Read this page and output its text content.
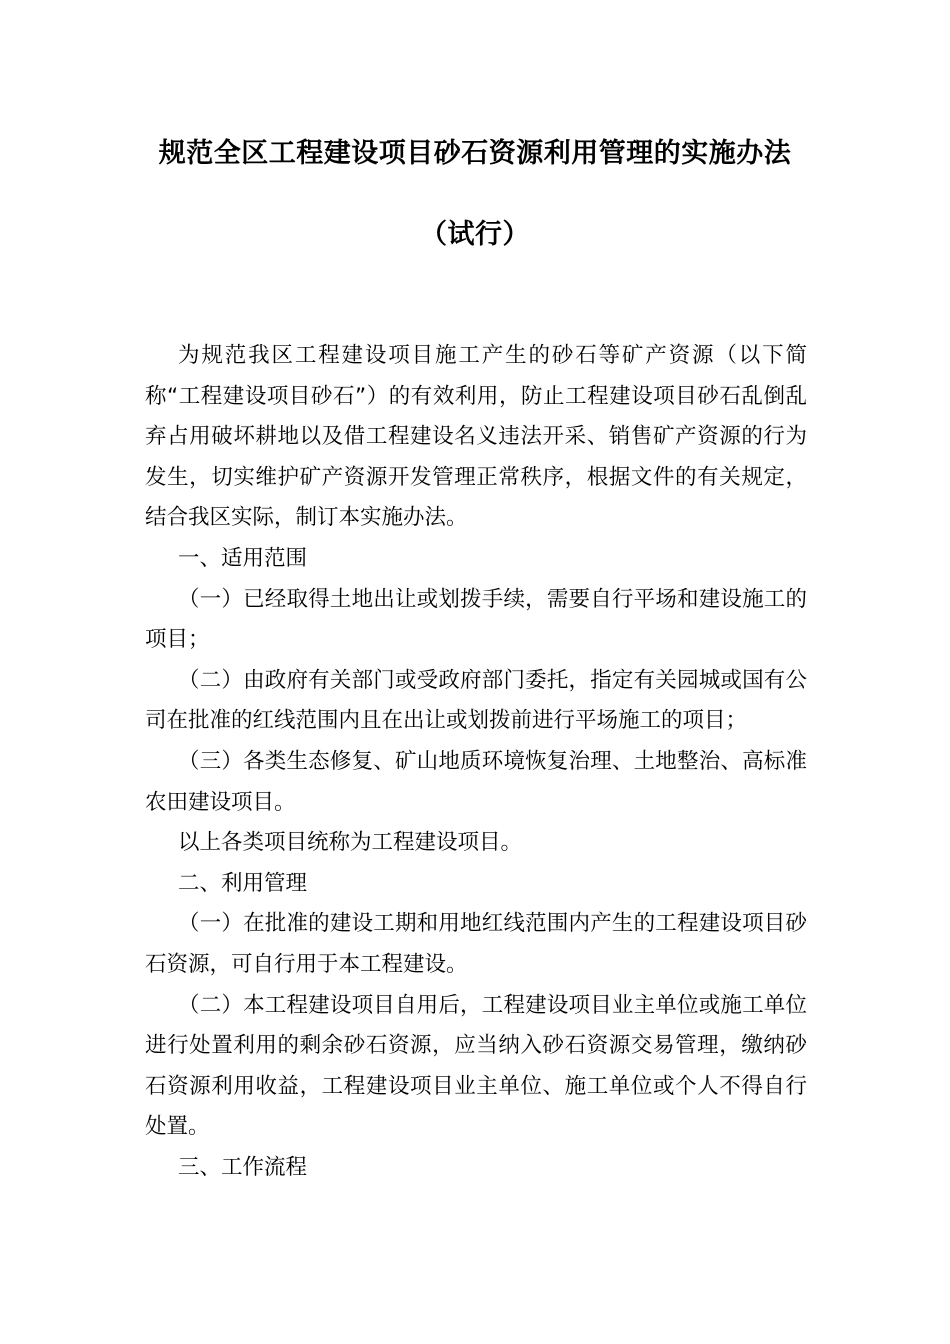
规范全区工程建设项目砂石资源利用管理的实施办法
（试行）

为规范我区工程建设项目施工产生的砂石等矿产资源（以下简称“工程建设项目砂石”）的有效利用，防止工程建设项目砂石乱倒乱弃占用破坏耕地以及借工程建设名义违法开采、销售矿产资源的行为发生，切实维护矿产资源开发管理正常秩序，根据文件的有关规定，结合我区实际，制订本实施办法。

一、适用范围

（一）已经取得土地出让或划拨手续，需要自行平场和建设施工的项目；

（二）由政府有关部门或受政府部门委托，指定有关园城或国有公司在批准的红线范围内且在出让或划拨前进行平场施工的项目；

（三）各类生态修复、矿山地质环境恢复治理、土地整治、高标准农田建设项目。

以上各类项目统称为工程建设项目。

二、利用管理

（一）在批准的建设工期和用地红线范围内产生的工程建设项目砂石资源，可自行用于本工程建设。

（二）本工程建设项目自用后，工程建设项目业主单位或施工单位进行处置利用的剩余砂石资源，应当纳入砂石资源交易管理，缴纳砂石资源利用收益，工程建设项目业主单位、施工单位或个人不得自行处置。

三、工作流程
